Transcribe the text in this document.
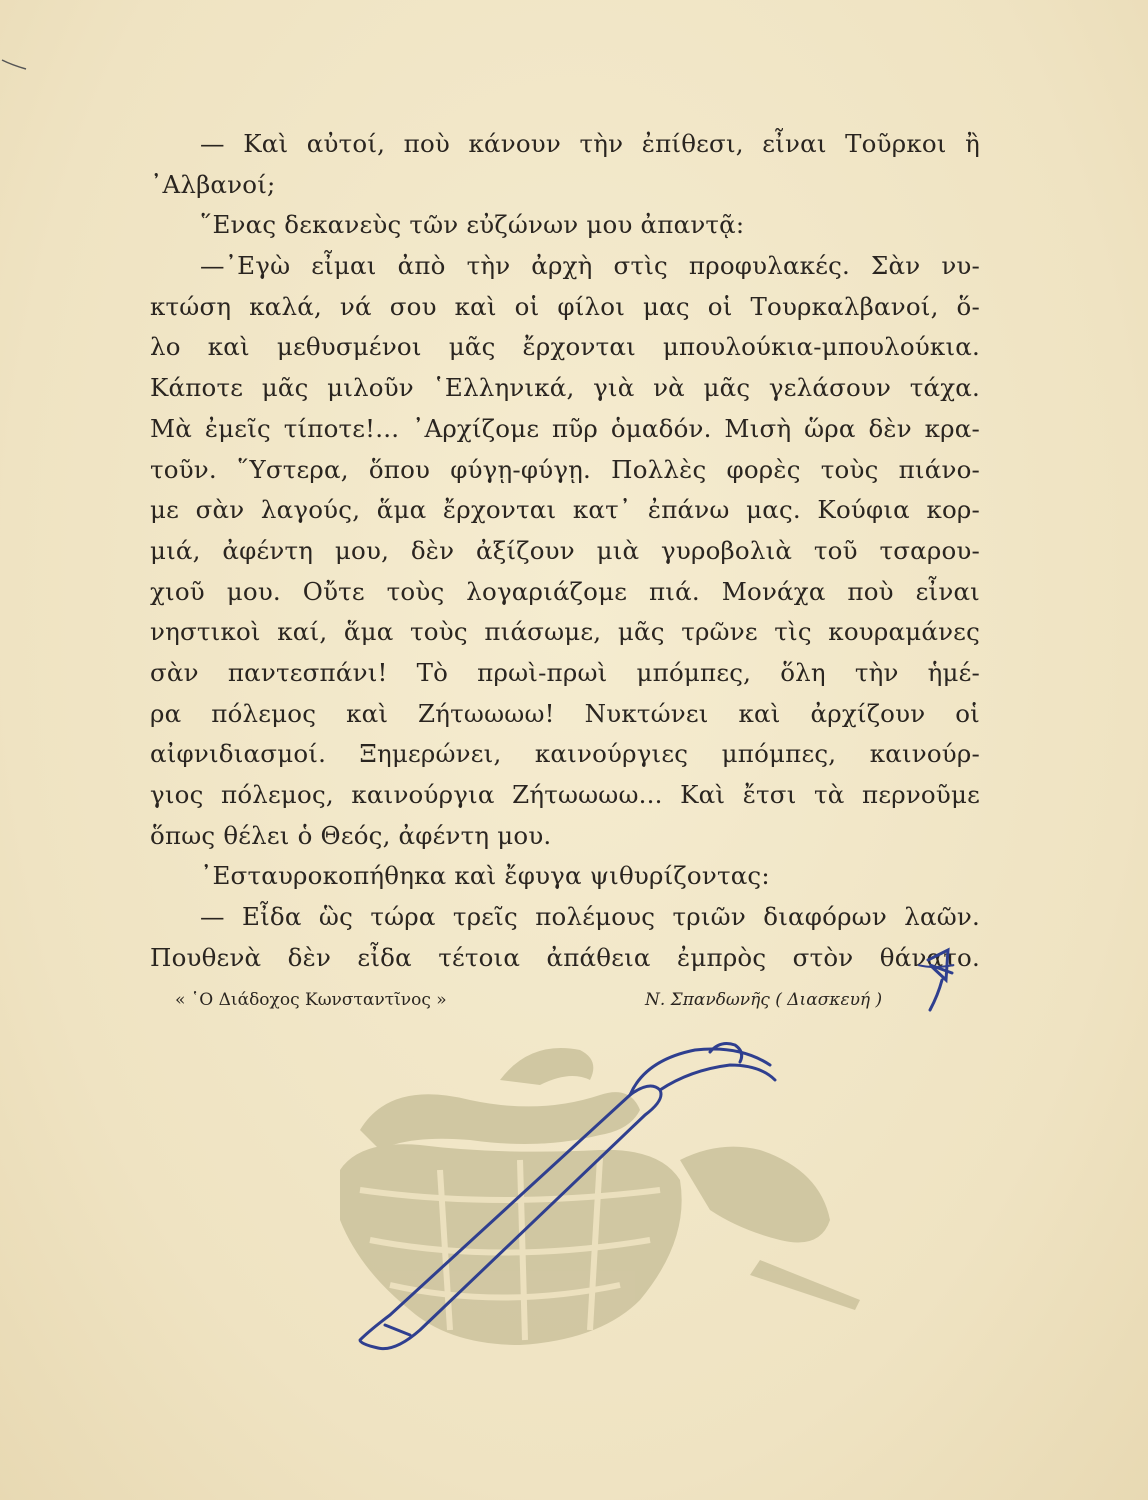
— Καὶ αὐτοί, ποὺ κάνουν τὴν ἐπίθεσι, εἶναι Τοῦρκοι ἢ
᾿Αλβανοί;
῞Ενας δεκανεὺς τῶν εὐζώνων μου ἀπαντᾷ:
—᾿Εγὼ εἶμαι ἀπὸ τὴν ἀρχὴ στὶς προφυλακές. Σὰν νυ-
κτώση καλά, νά σου καὶ οἱ φίλοι μας οἱ Τουρκαλβανοί, ὅ-
λο καὶ μεθυσμένοι μᾶς ἔρχονται μπουλούκια-μπουλούκια.
Κάποτε μᾶς μιλοῦν ῾Ελληνικά, γιὰ νὰ μᾶς γελάσουν τάχα.
Μὰ ἐμεῖς τίποτε!... ᾿Αρχίζομε πῦρ ὁμαδόν. Μισὴ ὥρα δὲν κρα-
τοῦν. ῞Υστερα, ὅπου φύγῃ-φύγῃ. Πολλὲς φορὲς τοὺς πιάνο-
με σὰν λαγούς, ἅμα ἔρχονται κατ᾿ ἐπάνω μας. Κούφια κορ-
μιά, ἀφέντη μου, δὲν ἀξίζουν μιὰ γυροβολιὰ τοῦ τσαρου-
χιοῦ μου. Οὔτε τοὺς λογαριάζομε πιά. Μονάχα ποὺ εἶναι
νηστικοὶ καί, ἅμα τοὺς πιάσωμε, μᾶς τρῶνε τὶς κουραμάνες
σὰν παντεσπάνι! Τὸ πρωὶ-πρωὶ μπόμπες, ὅλη τὴν ἡμέ-
ρα πόλεμος καὶ Ζήτωωωω! Νυκτώνει καὶ ἀρχίζουν οἱ
αἰφνιδιασμοί. Ξημερώνει, καινούργιες μπόμπες, καινούρ-
γιος πόλεμος, καινούργια Ζήτωωωω... Καὶ ἔτσι τὰ περνοῦμε
ὅπως θέλει ὁ Θεός, ἀφέντη μου.
᾿Εσταυροκοπήθηκα καὶ ἔφυγα ψιθυρίζοντας:
— Εἶδα ὣς τώρα τρεῖς πολέμους τριῶν διαφόρων λαῶν.
Πουθενὰ δὲν εἶδα τέτοια ἀπάθεια ἐμπρὸς στὸν θάνατο.
« ῾Ο Διάδοχος Κωνσταντῖνος »	Ν. Σπανδωνῆς ( Διασκευή )
